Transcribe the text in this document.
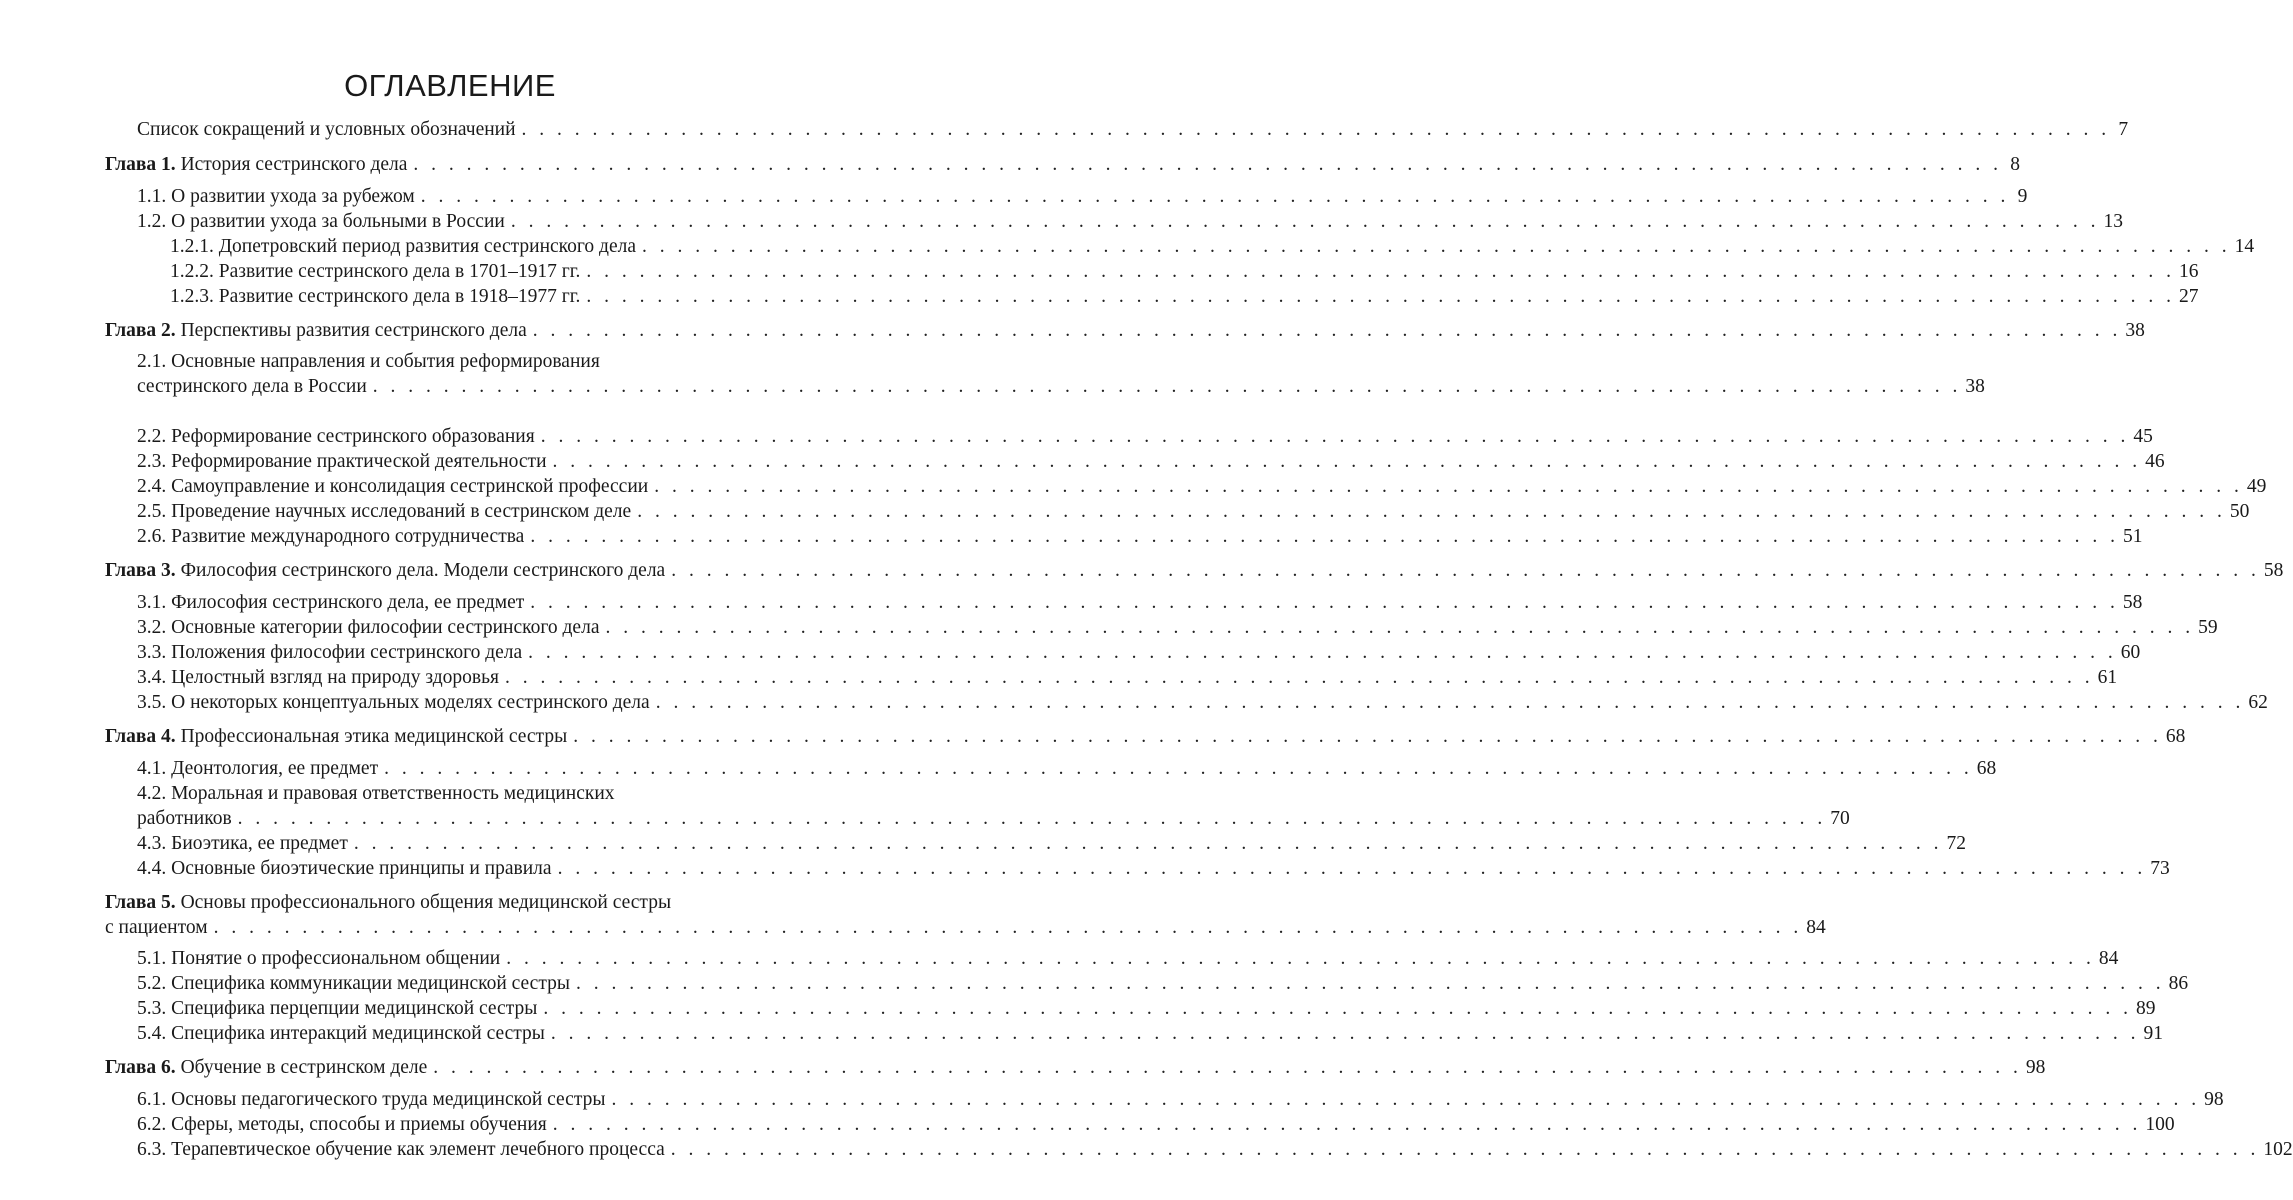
ОГЛАВЛЕНИЕ
Список сокращений и условных обозначений . . . . . . . . . . . . . . . . . . . . . . . . . . . . . . . . . . . . . . . . . . . . . . . . . . . . . . . . . . . . . . . . . . . . . . . . . . . . . . . . . . . . . . . . . . 7
Глава 1. История сестринского дела . . . . . . . . . . . . . . . . . . . . . . . . . . . . . . . . . . . . . . . . . . . . . . . . . . . . . . . . . . . . . . . . . . . . . . . . . . . . . . . . . . . . . . . . . . 8
1.1. О развитии ухода за рубежом . . . . . . . . . . . . . . . . . . . . . . . . . . . . . . . . . . . . . . . . . . . . . . . . . . . . . . . . . . . . . . . . . . . . . . . . . . . . . . . . . . . . . . . . . . 9
1.2. О развитии ухода за больными в России . . . . . . . . . . . . . . . . . . . . . . . . . . . . . . . . . . . . . . . . . . . . . . . . . . . . . . . . . . . . . . . . . . . . . . . . . . . . . . . . . . . . . . . . . . 13
1.2.1. Допетровский период развития сестринского дела . . . . . . . . . . . . . . . . . . . . . . . . . . . . . . . . . . . . . . . . . . . . . . . . . . . . . . . . . . . . . . . . . . . . . . . . . . . . . . . . . . . . . . . . . . 14
1.2.2. Развитие сестринского дела в 1701–1917 гг. . . . . . . . . . . . . . . . . . . . . . . . . . . . . . . . . . . . . . . . . . . . . . . . . . . . . . . . . . . . . . . . . . . . . . . . . . . . . . . . . . . . . . . . . . . 16
1.2.3. Развитие сестринского дела в 1918–1977 гг. . . . . . . . . . . . . . . . . . . . . . . . . . . . . . . . . . . . . . . . . . . . . . . . . . . . . . . . . . . . . . . . . . . . . . . . . . . . . . . . . . . . . . . . . . . 27
Глава 2. Перспективы развития сестринского дела . . . . . . . . . . . . . . . . . . . . . . . . . . . . . . . . . . . . . . . . . . . . . . . . . . . . . . . . . . . . . . . . . . . . . . . . . . . . . . . . . . . . . . . . . . 38
2.1. Основные направления и события реформирования
сестринского дела в России . . . . . . . . . . . . . . . . . . . . . . . . . . . . . . . . . . . . . . . . . . . . . . . . . . . . . . . . . . . . . . . . . . . . . . . . . . . . . . . . . . . . . . . . . . 38
2.2. Реформирование сестринского образования . . . . . . . . . . . . . . . . . . . . . . . . . . . . . . . . . . . . . . . . . . . . . . . . . . . . . . . . . . . . . . . . . . . . . . . . . . . . . . . . . . . . . . . . . . 45
2.3. Реформирование практической деятельности . . . . . . . . . . . . . . . . . . . . . . . . . . . . . . . . . . . . . . . . . . . . . . . . . . . . . . . . . . . . . . . . . . . . . . . . . . . . . . . . . . . . . . . . . . 46
2.4. Самоуправление и консолидация сестринской профессии . . . . . . . . . . . . . . . . . . . . . . . . . . . . . . . . . . . . . . . . . . . . . . . . . . . . . . . . . . . . . . . . . . . . . . . . . . . . . . . . . . . . . . . . . . 49
2.5. Проведение научных исследований в сестринском деле . . . . . . . . . . . . . . . . . . . . . . . . . . . . . . . . . . . . . . . . . . . . . . . . . . . . . . . . . . . . . . . . . . . . . . . . . . . . . . . . . . . . . . . . . . 50
2.6. Развитие международного сотрудничества . . . . . . . . . . . . . . . . . . . . . . . . . . . . . . . . . . . . . . . . . . . . . . . . . . . . . . . . . . . . . . . . . . . . . . . . . . . . . . . . . . . . . . . . . . 51
Глава 3. Философия сестринского дела. Модели сестринского дела . . . . . . . . . . . . . . . . . . . . . . . . . . . . . . . . . . . . . . . . . . . . . . . . . . . . . . . . . . . . . . . . . . . . . . . . . . . . . . . . . . . . . . . . . . 58
3.1. Философия сестринского дела, ее предмет . . . . . . . . . . . . . . . . . . . . . . . . . . . . . . . . . . . . . . . . . . . . . . . . . . . . . . . . . . . . . . . . . . . . . . . . . . . . . . . . . . . . . . . . . . 58
3.2. Основные категории философии сестринского дела . . . . . . . . . . . . . . . . . . . . . . . . . . . . . . . . . . . . . . . . . . . . . . . . . . . . . . . . . . . . . . . . . . . . . . . . . . . . . . . . . . . . . . . . . . 59
3.3. Положения философии сестринского дела . . . . . . . . . . . . . . . . . . . . . . . . . . . . . . . . . . . . . . . . . . . . . . . . . . . . . . . . . . . . . . . . . . . . . . . . . . . . . . . . . . . . . . . . . . 60
3.4. Целостный взгляд на природу здоровья . . . . . . . . . . . . . . . . . . . . . . . . . . . . . . . . . . . . . . . . . . . . . . . . . . . . . . . . . . . . . . . . . . . . . . . . . . . . . . . . . . . . . . . . . . 61
3.5. О некоторых концептуальных моделях сестринского дела . . . . . . . . . . . . . . . . . . . . . . . . . . . . . . . . . . . . . . . . . . . . . . . . . . . . . . . . . . . . . . . . . . . . . . . . . . . . . . . . . . . . . . . . . . 62
Глава 4. Профессиональная этика медицинской сестры . . . . . . . . . . . . . . . . . . . . . . . . . . . . . . . . . . . . . . . . . . . . . . . . . . . . . . . . . . . . . . . . . . . . . . . . . . . . . . . . . . . . . . . . . . 68
4.1. Деонтология, ее предмет . . . . . . . . . . . . . . . . . . . . . . . . . . . . . . . . . . . . . . . . . . . . . . . . . . . . . . . . . . . . . . . . . . . . . . . . . . . . . . . . . . . . . . . . . . 68
4.2. Моральная и правовая ответственность медицинских
работников . . . . . . . . . . . . . . . . . . . . . . . . . . . . . . . . . . . . . . . . . . . . . . . . . . . . . . . . . . . . . . . . . . . . . . . . . . . . . . . . . . . . . . . . . . 70
4.3. Биоэтика, ее предмет . . . . . . . . . . . . . . . . . . . . . . . . . . . . . . . . . . . . . . . . . . . . . . . . . . . . . . . . . . . . . . . . . . . . . . . . . . . . . . . . . . . . . . . . . . 72
4.4. Основные биоэтические принципы и правила . . . . . . . . . . . . . . . . . . . . . . . . . . . . . . . . . . . . . . . . . . . . . . . . . . . . . . . . . . . . . . . . . . . . . . . . . . . . . . . . . . . . . . . . . . 73
Глава 5. Основы профессионального общения медицинской сестры
с пациентом . . . . . . . . . . . . . . . . . . . . . . . . . . . . . . . . . . . . . . . . . . . . . . . . . . . . . . . . . . . . . . . . . . . . . . . . . . . . . . . . . . . . . . . . . . 84
5.1. Понятие о профессиональном общении . . . . . . . . . . . . . . . . . . . . . . . . . . . . . . . . . . . . . . . . . . . . . . . . . . . . . . . . . . . . . . . . . . . . . . . . . . . . . . . . . . . . . . . . . . 84
5.2. Специфика коммуникации медицинской сестры . . . . . . . . . . . . . . . . . . . . . . . . . . . . . . . . . . . . . . . . . . . . . . . . . . . . . . . . . . . . . . . . . . . . . . . . . . . . . . . . . . . . . . . . . . 86
5.3. Специфика перцепции медицинской сестры . . . . . . . . . . . . . . . . . . . . . . . . . . . . . . . . . . . . . . . . . . . . . . . . . . . . . . . . . . . . . . . . . . . . . . . . . . . . . . . . . . . . . . . . . . 89
5.4. Специфика интеракций медицинской сестры . . . . . . . . . . . . . . . . . . . . . . . . . . . . . . . . . . . . . . . . . . . . . . . . . . . . . . . . . . . . . . . . . . . . . . . . . . . . . . . . . . . . . . . . . . 91
Глава 6. Обучение в сестринском деле . . . . . . . . . . . . . . . . . . . . . . . . . . . . . . . . . . . . . . . . . . . . . . . . . . . . . . . . . . . . . . . . . . . . . . . . . . . . . . . . . . . . . . . . . . 98
6.1. Основы педагогического труда медицинской сестры . . . . . . . . . . . . . . . . . . . . . . . . . . . . . . . . . . . . . . . . . . . . . . . . . . . . . . . . . . . . . . . . . . . . . . . . . . . . . . . . . . . . . . . . . . 98
6.2. Сферы, методы, способы и приемы обучения . . . . . . . . . . . . . . . . . . . . . . . . . . . . . . . . . . . . . . . . . . . . . . . . . . . . . . . . . . . . . . . . . . . . . . . . . . . . . . . . . . . . . . . . . . 100
6.3. Терапевтическое обучение как элемент лечебного процесса . . . . . . . . . . . . . . . . . . . . . . . . . . . . . . . . . . . . . . . . . . . . . . . . . . . . . . . . . . . . . . . . . . . . . . . . . . . . . . . . . . . . . . . . . . 102
